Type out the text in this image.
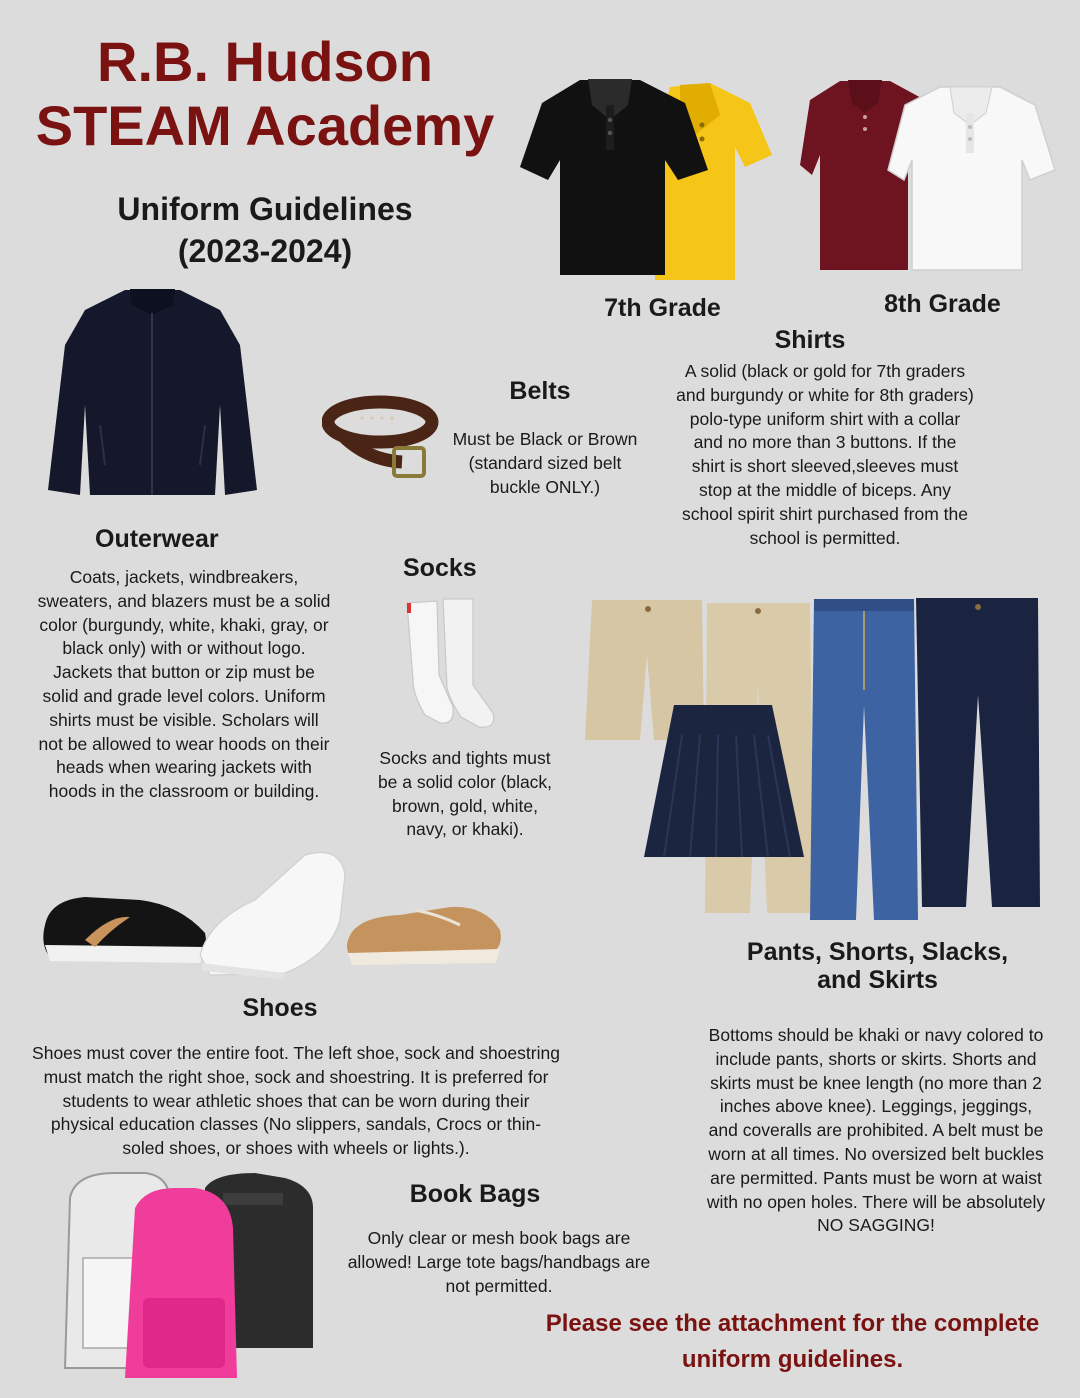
R.B. Hudson
STEAM Academy
Uniform Guidelines
(2023-2024)
7th Grade	8th Grade
Shirts
A solid (black or gold for 7th graders and burgundy or white for 8th graders) polo-type uniform shirt with a collar and no more than 3 buttons. If the shirt is short sleeved,sleeves must stop at the middle of biceps. Any school spirit shirt purchased from the school is permitted.
Belts
Must be Black or Brown (standard sized belt buckle ONLY.)
Outerwear
Coats, jackets, windbreakers, sweaters, and blazers must be a solid color (burgundy, white, khaki, gray, or black only) with or without logo. Jackets that button or zip must be solid and grade level colors. Uniform shirts must be visible. Scholars will not be allowed to wear hoods on their heads when wearing jackets with hoods in the classroom or building.
Socks
Socks and tights must be a solid color (black, brown, gold, white, navy, or khaki).
Pants, Shorts, Slacks,
and Skirts
Bottoms should be khaki or navy colored to include pants, shorts or skirts. Shorts and skirts must be knee length (no more than 2 inches above knee). Leggings, jeggings, and coveralls are prohibited. A belt must be worn at all times. No oversized belt buckles are permitted. Pants must be worn at waist with no open holes. There will be absolutely NO SAGGING!
Shoes
Shoes must cover the entire foot. The left shoe, sock and shoestring must match the right shoe, sock and shoestring. It is preferred for students to wear athletic shoes that can be worn during their physical education classes (No slippers, sandals, Crocs or thin-soled shoes, or shoes with wheels or lights.).
Book Bags
Only clear or mesh book bags are allowed! Large tote bags/handbags are not permitted.
Please see the attachment for the complete
uniform guidelines.
